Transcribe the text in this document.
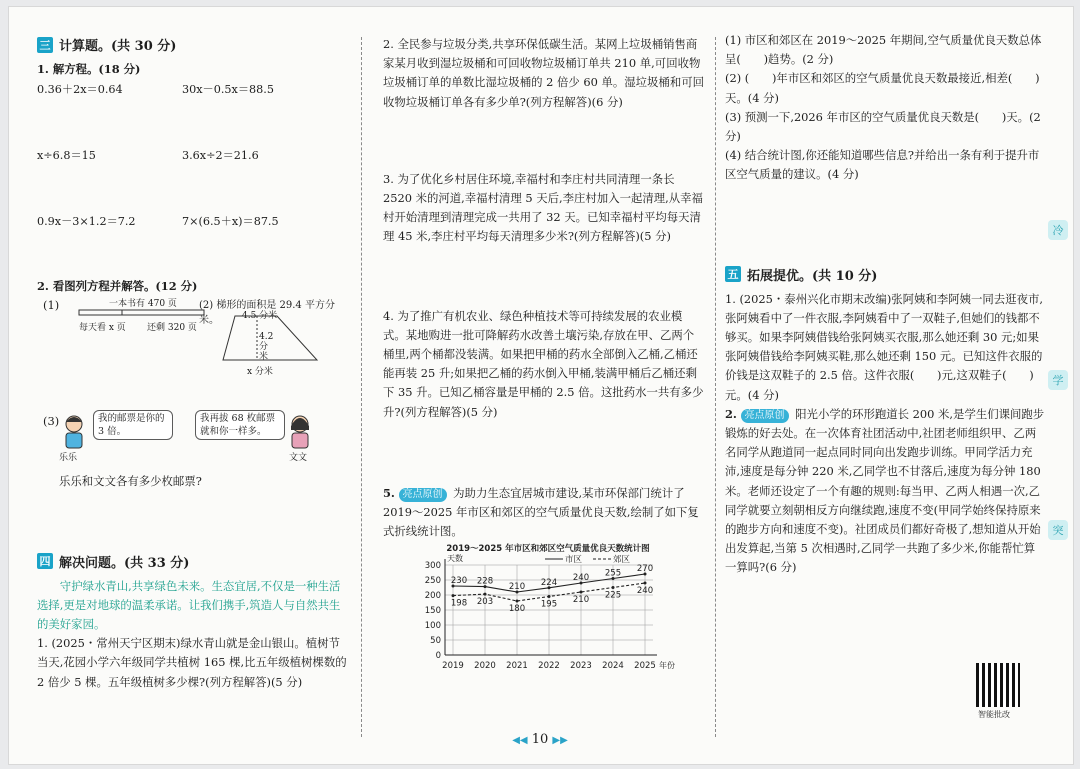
三 计算题。(共 30 分)

1. 解方程。(18 分)

0.36＋2x＝0.64	30x－0.5x＝88.5
x÷6.8＝15	3.6x÷2＝21.6
0.9x－3×1.2＝7.2	7×(6.5＋x)＝87.5

2. 看图列方程并解答。(12 分)

(1)	一本书有 470 页
每天看 x 页 还剩 320 页
(2) 梯形的面积是 29.4 平方分米。	4.5 分米
4.2 分米
x 分米
(3)	我的邮票是你的 3 倍。
我再拔 68 枚邮票就和你一样多。
乐乐	文文

乐乐和文文各有多少枚邮票?

四 解决问题。(共 33 分)

守护绿水青山,共享绿色未来。生态宜居,不仅是一种生活选择,更是对地球的温柔承诺。让我们携手,筑造人与自然共生的美好家园。

1. (2025・常州天宁区期末)绿水青山就是金山银山。植树节当天,花园小学六年级同学共植树 165 棵,比五年级植树棵数的 2 倍少 5 棵。五年级植树多少棵?(列方程解答)(5 分)

2. 全民参与垃圾分类,共享环保低碳生活。某网上垃圾桶销售商家某月收到湿垃圾桶和可回收物垃圾桶订单共 210 单,可回收物垃圾桶订单的单数比湿垃圾桶的 2 倍少 60 单。湿垃圾桶和可回收物垃圾桶订单各有多少单?(列方程解答)(6 分)

3. 为了优化乡村居住环境,幸福村和李庄村共同清理一条长 2520 米的河道,幸福村清理 5 天后,李庄村加入一起清理,从幸福村开始清理到清理完成一共用了 32 天。已知幸福村平均每天清理 45 米,李庄村平均每天清理多少米?(列方程解答)(5 分)

4. 为了推广有机农业、绿色种植技术等可持续发展的农业模式。某地购进一批可降解药水改善土壤污染,存放在甲、乙两个桶里,两个桶都没装满。如果把甲桶的药水全部倒入乙桶,乙桶还能再装 25 升;如果把乙桶的药水倒入甲桶,装满甲桶后乙桶还剩下 35 升。已知乙桶容量是甲桶的 2.5 倍。这批药水一共有多少升?(列方程解答)(5 分)

5. 亮点原创 为助力生态宜居城市建设,某市环保部门统计了 2019～2025 年市区和郊区的空气质量优良天数,绘制了如下复式折线统计图。

2019～2025 年市区和郊区空气质量优良天数统计图
天数
年份
0
50
100
150
200
250
300
2019 2020 2021 2022 2023 2024 2025
市区	郊区
230 228
210 224 240 255 270
198 203
180 195 210 225 240

(1) 市区和郊区在 2019～2025 年期间,空气质量优良天数总体呈(　　)趋势。(2 分)

(2) (　　)年市区和郊区的空气质量优良天数最接近,相差(　　)天。(4 分)

(3) 预测一下,2026 年市区的空气质量优良天数是(　　)天。(2 分)

(4) 结合统计图,你还能知道哪些信息?并给出一条有利于提升市区空气质量的建议。(4 分)

五 拓展提优。(共 10 分)

1. (2025・泰州兴化市期末改编)张阿姨和李阿姨一同去逛夜市,张阿姨看中了一件衣服,李阿姨看中了一双鞋子,但她们的钱都不够买。如果李阿姨借钱给张阿姨买衣服,那么她还剩 30 元;如果张阿姨借钱给李阿姨买鞋,那么她还剩 150 元。已知这件衣服的价钱是这双鞋子的 2.5 倍。这件衣服(　　)元,这双鞋子(　　)元。(4 分)

2. 亮点原创 阳光小学的环形跑道长 200 米,是学生们课间跑步锻炼的好去处。在一次体育社团活动中,社团老师组织甲、乙两名同学从跑道同一起点同时同向出发跑步训练。甲同学活力充沛,速度是每分钟 220 米,乙同学也不甘落后,速度为每分钟 180 米。老师还设定了一个有趣的规则:每当甲、乙两人相遇一次,乙同学就要立刻朝相反方向继续跑,速度不变(甲同学始终保持原来的跑步方向和速度不变)。社团成员们都好奇极了,想知道从开始出发算起,当第 5 次相遇时,乙同学一共跑了多少米,你能帮忙算一算吗?(6 分)

智能批改
冷
学
突
◀◀ 10 ▶▶
